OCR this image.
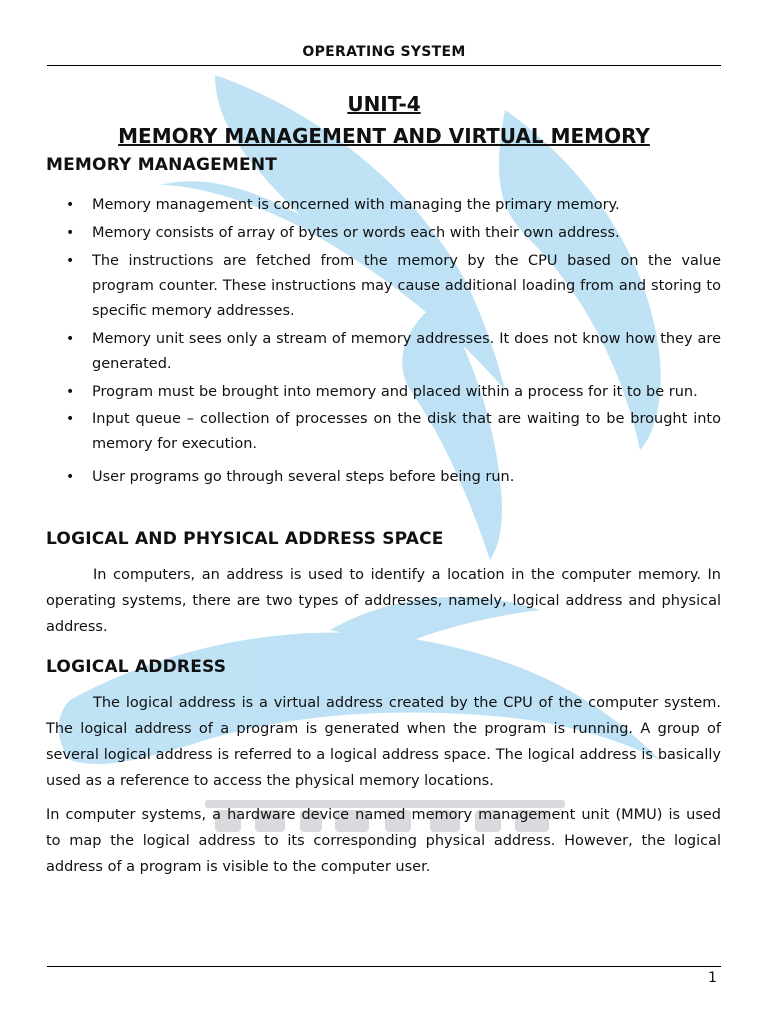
OPERATING SYSTEM
UNIT-4
MEMORY MANAGEMENT AND VIRTUAL MEMORY
MEMORY MANAGEMENT
• Memory management is concerned with managing the primary memory.
• Memory consists of array of bytes or words each with their own address.
• The instructions are fetched from the memory by the CPU based on the value program counter. These instructions may cause additional loading from and storing to specific memory addresses.
• Memory unit sees only a stream of memory addresses. It does not know how they are generated.
• Program must be brought into memory and placed within a process for it to be run.
• Input queue – collection of processes on the disk that are waiting to be brought into memory for execution.
• User programs go through several steps before being run.
LOGICAL AND PHYSICAL ADDRESS SPACE

In computers, an address is used to identify a location in the computer memory. In operating systems, there are two types of addresses, namely, logical address and physical address.

LOGICAL ADDRESS

The logical address is a virtual address created by the CPU of the computer system. The logical address of a program is generated when the program is running. A group of several logical address is referred to a logical address space. The logical address is basically used as a reference to access the physical memory locations.

In computer systems, a hardware device named memory management unit (MMU) is used to map the logical address to its corresponding physical address. However, the logical address of a program is visible to the computer user.

1
